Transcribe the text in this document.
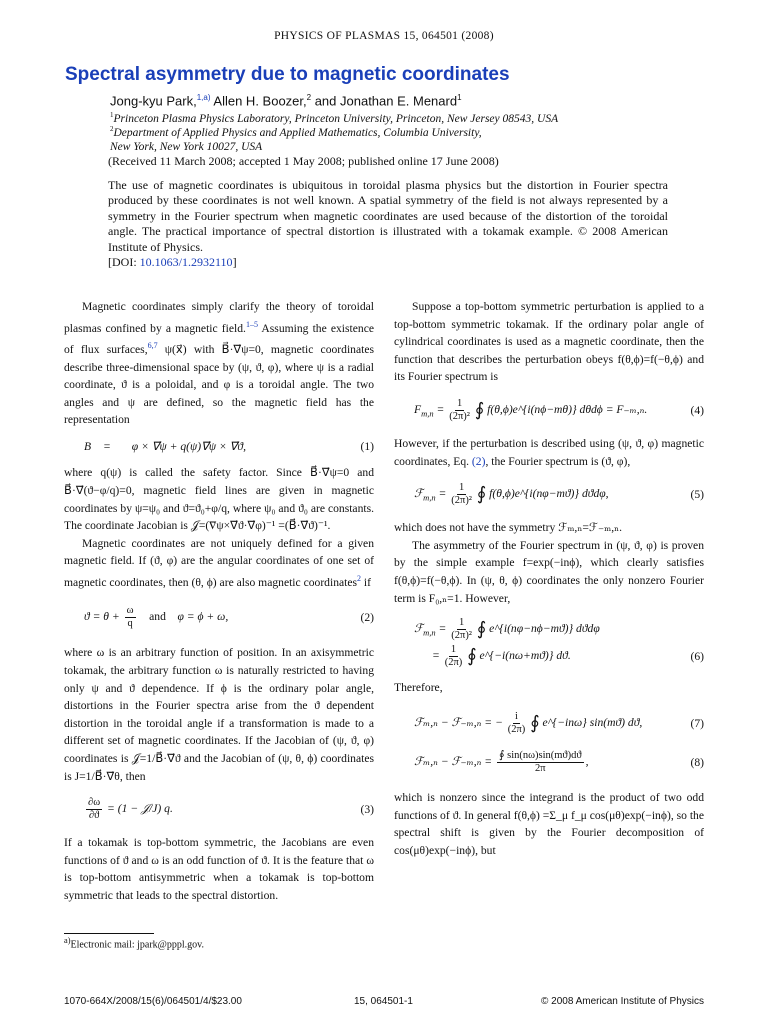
PHYSICS OF PLASMAS 15, 064501 (2008)
Spectral asymmetry due to magnetic coordinates
Jong-kyu Park,$^{1,a)}$ Allen H. Boozer,$^2$ and Jonathan E. Menard$^1$
$^1$Princeton Plasma Physics Laboratory, Princeton University, Princeton, New Jersey 08543, USA
$^2$Department of Applied Physics and Applied Mathematics, Columbia University,
New York, New York 10027, USA
(Received 11 March 2008; accepted 1 May 2008; published online 17 June 2008)
The use of magnetic coordinates is ubiquitous in toroidal plasma physics but the distortion in Fourier spectra produced by these coordinates is not well known. A spatial symmetry of the field is not always represented by a symmetry in the Fourier spectrum when magnetic coordinates are used because of the distortion of the toroidal angle. The practical importance of spectral distortion is illustrated with a tokamak example. © 2008 American Institute of Physics.
[DOI: 10.1063/1.2932110]

Magnetic coordinates simply clarify the theory of toroidal plasmas confined by a magnetic field.$^{1-5}$ Assuming the existence of flux surfaces,$^{6,7}$ ψ(x⃗) with B⃗·∇⃗ψ=0, magnetic coordinates describe three-dimensional space by (ψ, ϑ, φ), where ψ is a radial coordinate, ϑ is a poloidal, and φ is a toroidal angle. The two angles and ψ are defined, so the magnetic field has the representation

B⃗ = ∇⃗φ × ∇⃗ψ + q(ψ)∇⃗ψ × ∇⃗ϑ,	(1)

where q(ψ) is called the safety factor. Since B⃗·∇⃗ψ=0 and B⃗·∇⃗(ϑ−φ/q)=0, magnetic field lines are given in magnetic coordinates by ψ=ψ₀ and ϑ=ϑ₀+φ/q, where ψ₀ and ϑ₀ are constants. The coordinate Jacobian is 𝒥=(∇⃗ψ×∇⃗ϑ·∇⃗φ)⁻¹ =(B⃗·∇⃗ϑ)⁻¹.

Magnetic coordinates are not uniquely defined for a given magnetic field. If (ϑ, φ) are the angular coordinates of one set of magnetic coordinates, then (θ, ϕ) are also magnetic coordinates$^2$ if

$ϑ = \theta + \frac{\omega}{q}$ and φ = ϕ + ω,	(2)

where ω is an arbitrary function of position. In an axisymmetric tokamak, the arbitrary function ω is naturally restricted to having only ψ and ϑ dependence. If ϕ is the ordinary polar angle, distortions in the Fourier spectra arise from the ϑ dependent distortion in the toroidal angle if a transformation is made to a different set of magnetic coordinates. If the Jacobian of (ψ, ϑ, φ) coordinates is 𝒥=1/B⃗·∇⃗ϑ and the Jacobian of (ψ, θ, ϕ) coordinates is J=1/B⃗·∇⃗θ, then

$\frac{\partial\omega}{\partial ϑ} = (1$ − 𝒥/J) q.	(3)

If a tokamak is top-bottom symmetric, the Jacobians are even functions of ϑ and ω is an odd function of ϑ. It is the feature that ω is top-bottom antisymmetric when a tokamak is top-bottom symmetric that leads to the spectral distortion.

Suppose a top-bottom symmetric perturbation is applied to a top-bottom symmetric tokamak. If the ordinary polar angle of cylindrical coordinates is used as a magnetic coordinate, then the function that describes the perturbation obeys f(θ,ϕ)=f(−θ,ϕ) and its Fourier spectrum is

$F_{m,n} = \frac{1}{\text{(2π)²}}$ ∮ f(θ,ϕ)e^{i(nϕ−mθ)} dθdϕ = F₋ₘ,ₙ.	(4)

However, if the perturbation is described using (ψ, ϑ, φ) magnetic coordinates, Eq. (2), the Fourier spectrum is (ϑ, φ),

ℱ$_{m,n}$ = $\frac{1}{\text{(2π)²}}$ ∮ f(θ,ϕ)e^{i(nφ−mϑ)} dϑdφ,	(5)

which does not have the symmetry ℱₘ,ₙ=ℱ₋ₘ,ₙ.

The asymmetry of the Fourier spectrum in (ψ, ϑ, φ) is proven by the simple example f=exp(−inϕ), which clearly satisfies f(θ,ϕ)=f(−θ,ϕ). In (ψ, θ, ϕ) coordinates the only nonzero Fourier term is F₀,ₙ=1. However,

ℱ$_{m,n}$ = $\frac{1}{\text{(2π)²}}$ ∮ e^{i(nφ−nϕ−mϑ)} dϑdφ
= $\frac{1}{(2\pi)}$ ∮ e^{−i(nω+mϑ)} dϑ.	(6)

Therefore,

ℱₘ,ₙ − ℱ₋ₘ,ₙ = − $\frac{i}{(2\pi)}$ ∮ e^{−inω} sin(mϑ) dϑ,	(7)
ℱₘ,ₙ − ℱ₋ₘ,ₙ = $\frac{∮ \sin(n\omega)\sin(mϑ)dϑ}{2\pi}$ ,	(8)

which is nonzero since the integrand is the product of two odd functions of ϑ. In general f(θ,ϕ) =Σ_μ f_μ cos(μθ)exp(−inϕ), so the spectral shift is given by the Fourier decomposition of cos(μθ)exp(−inϕ), but

$^{a)}$Electronic mail: jpark@pppl.gov.
1070-664X/2008/15(6)/064501/4/$23.00	15, 064501-1	© 2008 American Institute of Physics
